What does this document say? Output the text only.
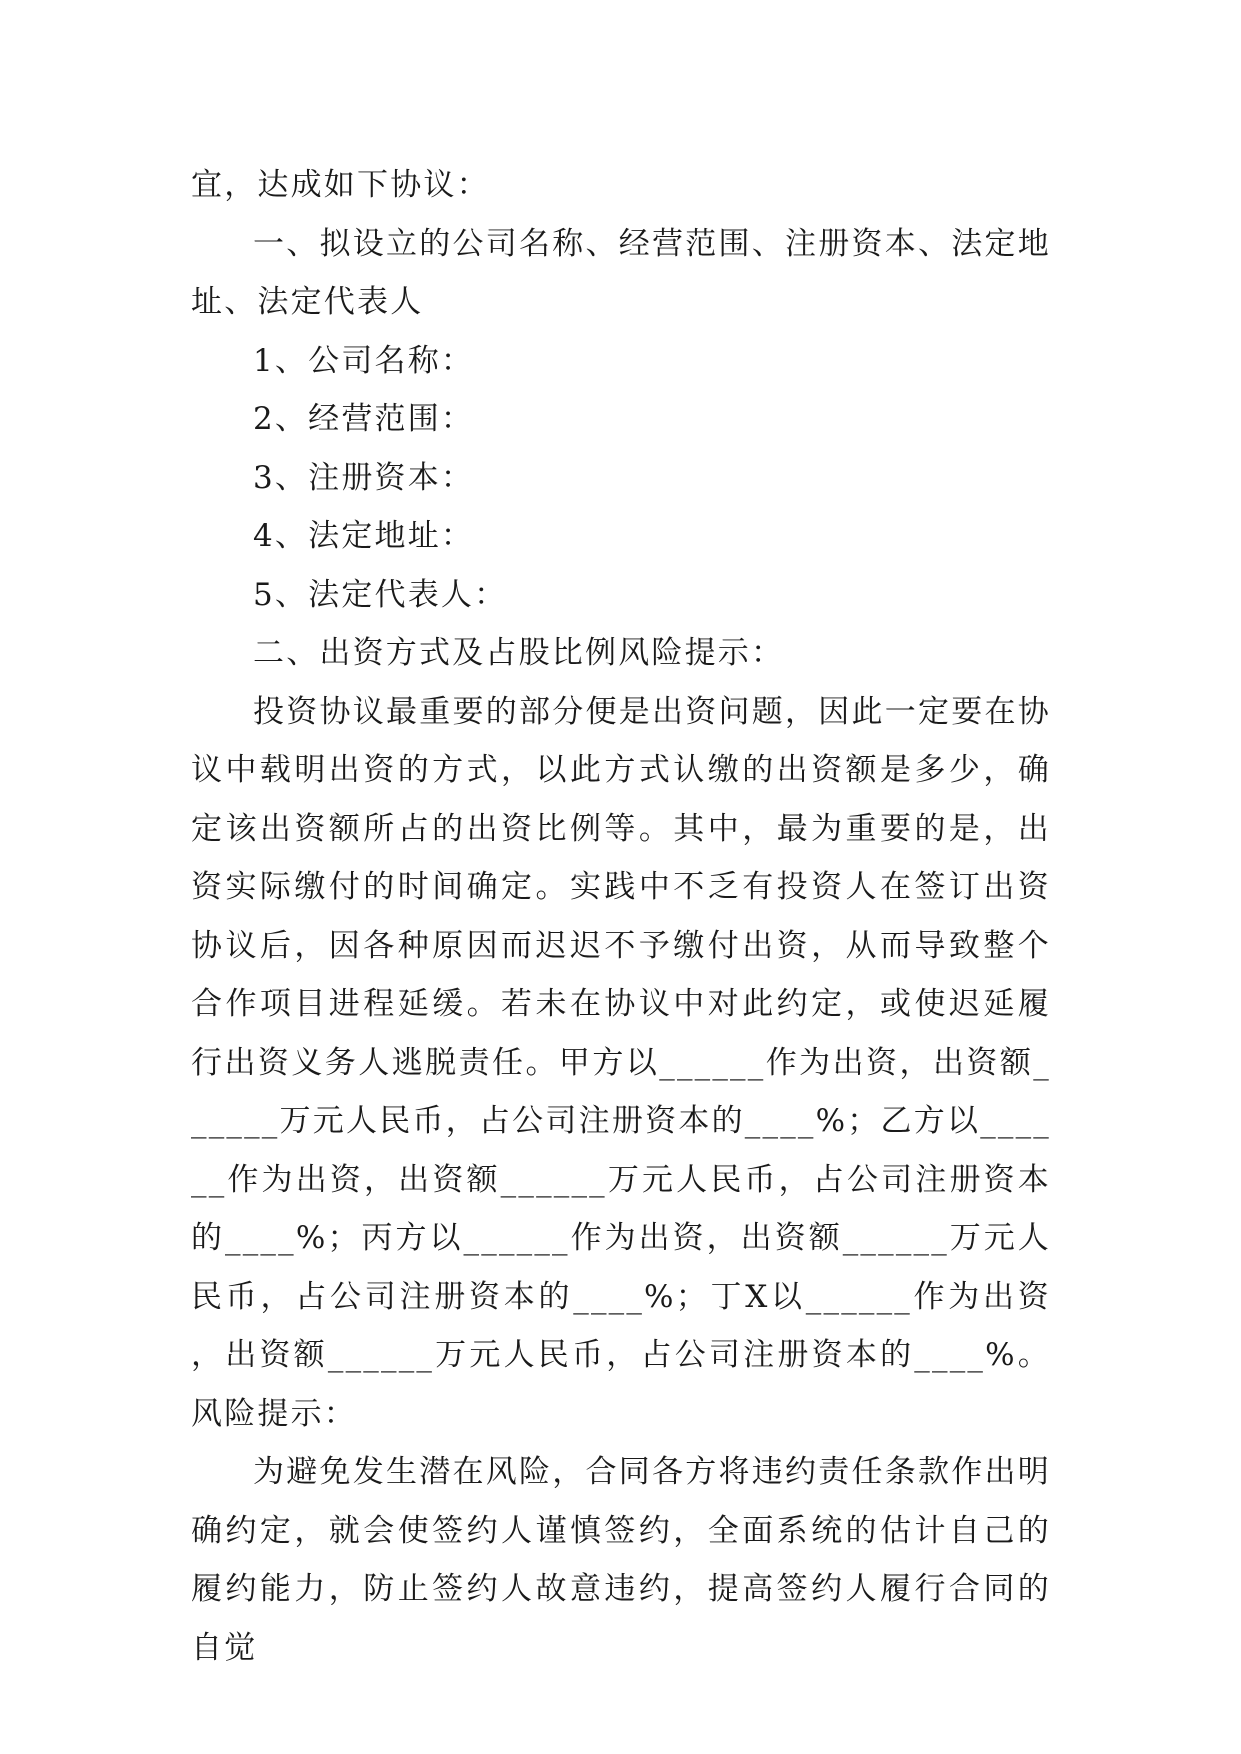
宜，达成如下协议：

一、拟设立的公司名称、经营范围、注册资本、法定地址、法定代表人

1、公司名称：

2、经营范围：

3、注册资本：

4、法定地址：

5、法定代表人：

二、出资方式及占股比例风险提示：

投资协议最重要的部分便是出资问题，因此一定要在协议中载明出资的方式，以此方式认缴的出资额是多少，确定该出资额所占的出资比例等。其中，最为重要的是，出资实际缴付的时间确定。实践中不乏有投资人在签订出资协议后，因各种原因而迟迟不予缴付出资，从而导致整个合作项目进程延缓。若未在协议中对此约定，或使迟延履行出资义务人逃脱责任。甲方以______作为出资，出资额______万元人民币，占公司注册资本的____%；乙方以______作为出资，出资额______万元人民币，占公司注册资本的____%；丙方以______作为出资，出资额______万元人民币，占公司注册资本的____%；丁X以______作为出资，出资额______万元人民币，占公司注册资本的____%。风险提示：

为避免发生潜在风险，合同各方将违约责任条款作出明确约定，就会使签约人谨慎签约，全面系统的估计自己的履约能力，防止签约人故意违约，提高签约人履行合同的自觉
